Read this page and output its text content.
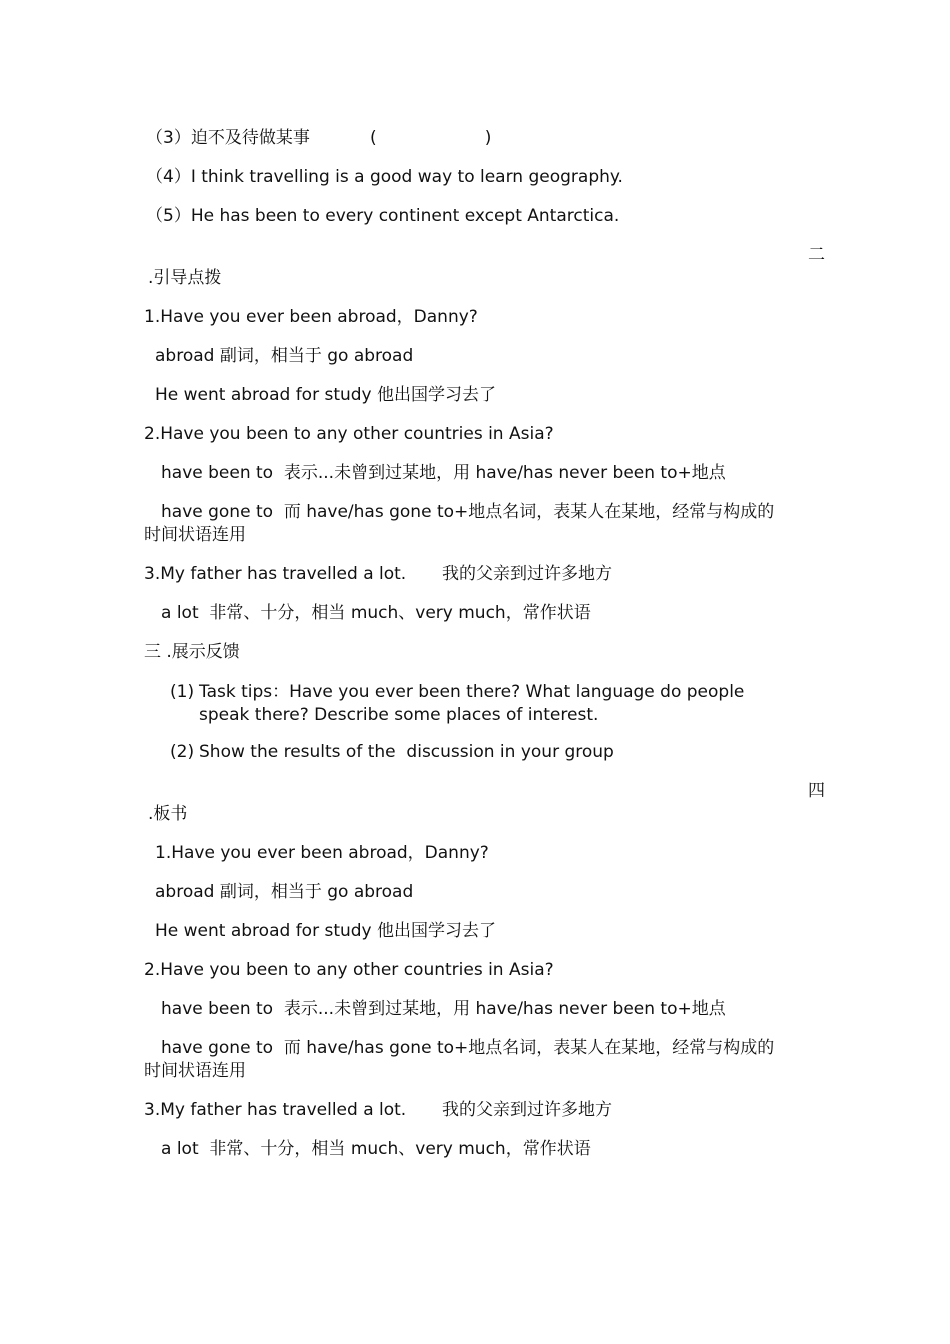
（3）迫不及待做某事	(                    )
（4）I think travelling is a good way to learn geography.
（5）He has been to every continent except Antarctica.
二
.引导点拨
1.Have you ever been abroad，Danny?
abroad 副词，相当于 go abroad
He went abroad for study 他出国学习去了
2.Have you been to any other countries in Asia?
have been to  表示...未曾到过某地，用 have/has never been to+地点
have gone to  而 have/has gone to+地点名词，表某人在某地，经常与构成的
时间状语连用
3.My father has travelled a lot. 我的父亲到过许多地方
a lot  非常、十分，相当 much、very much，常作状语
三 .展示反馈
(1) Task tips：Have you ever been there? What language do people
speak there? Describe some places of interest.
(2) Show the results of the  discussion in your group
四
.板书
1.Have you ever been abroad，Danny?
abroad 副词，相当于 go abroad
He went abroad for study 他出国学习去了
2.Have you been to any other countries in Asia?
have been to  表示...未曾到过某地，用 have/has never been to+地点
have gone to  而 have/has gone to+地点名词，表某人在某地，经常与构成的
时间状语连用
3.My father has travelled a lot. 我的父亲到过许多地方
a lot  非常、十分，相当 much、very much，常作状语
